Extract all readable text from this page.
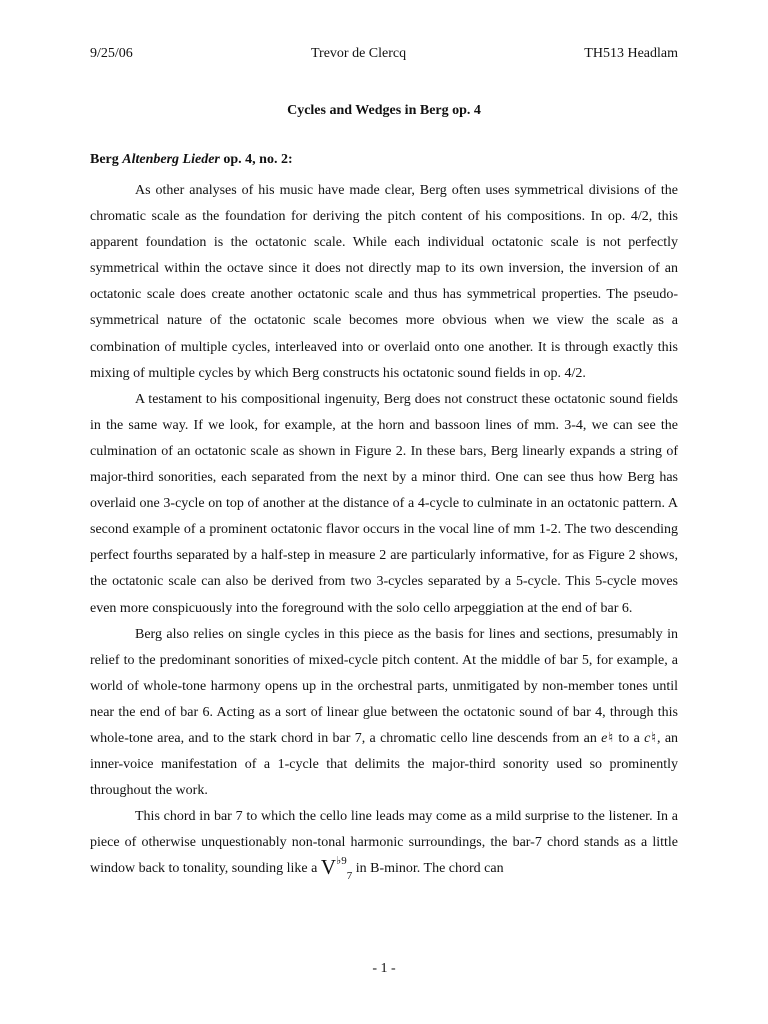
9/25/06	Trevor de Clercq	TH513 Headlam
Cycles and Wedges in Berg op. 4
Berg Altenberg Lieder op. 4, no. 2:

As other analyses of his music have made clear, Berg often uses symmetrical divisions of the chromatic scale as the foundation for deriving the pitch content of his compositions. In op. 4/2, this apparent foundation is the octatonic scale. While each individual octatonic scale is not perfectly symmetrical within the octave since it does not directly map to its own inversion, the inversion of an octatonic scale does create another octatonic scale and thus has symmetrical properties. The pseudo-symmetrical nature of the octatonic scale becomes more obvious when we view the scale as a combination of multiple cycles, interleaved into or overlaid onto one another. It is through exactly this mixing of multiple cycles by which Berg constructs his octatonic sound fields in op. 4/2.

A testament to his compositional ingenuity, Berg does not construct these octatonic sound fields in the same way. If we look, for example, at the horn and bassoon lines of mm. 3-4, we can see the culmination of an octatonic scale as shown in Figure 2. In these bars, Berg linearly expands a string of major-third sonorities, each separated from the next by a minor third. One can see thus how Berg has overlaid one 3-cycle on top of another at the distance of a 4-cycle to culminate in an octatonic pattern. A second example of a prominent octatonic flavor occurs in the vocal line of mm 1-2. The two descending perfect fourths separated by a half-step in measure 2 are particularly informative, for as Figure 2 shows, the octatonic scale can also be derived from two 3-cycles separated by a 5-cycle. This 5-cycle moves even more conspicuously into the foreground with the solo cello arpeggiation at the end of bar 6.

Berg also relies on single cycles in this piece as the basis for lines and sections, presumably in relief to the predominant sonorities of mixed-cycle pitch content. At the middle of bar 5, for example, a world of whole-tone harmony opens up in the orchestral parts, unmitigated by non-member tones until near the end of bar 6. Acting as a sort of linear glue between the octatonic sound of bar 4, through this whole-tone area, and to the stark chord in bar 7, a chromatic cello line descends from an e♮ to a c♮, an inner-voice manifestation of a 1-cycle that delimits the major-third sonority used so prominently throughout the work.

This chord in bar 7 to which the cello line leads may come as a mild surprise to the listener. In a piece of otherwise unquestionably non-tonal harmonic surroundings, the bar-7 chord stands as a little window back to tonality, sounding like a $V^{♭9}_7$ in B-minor. The chord can

- 1 -
